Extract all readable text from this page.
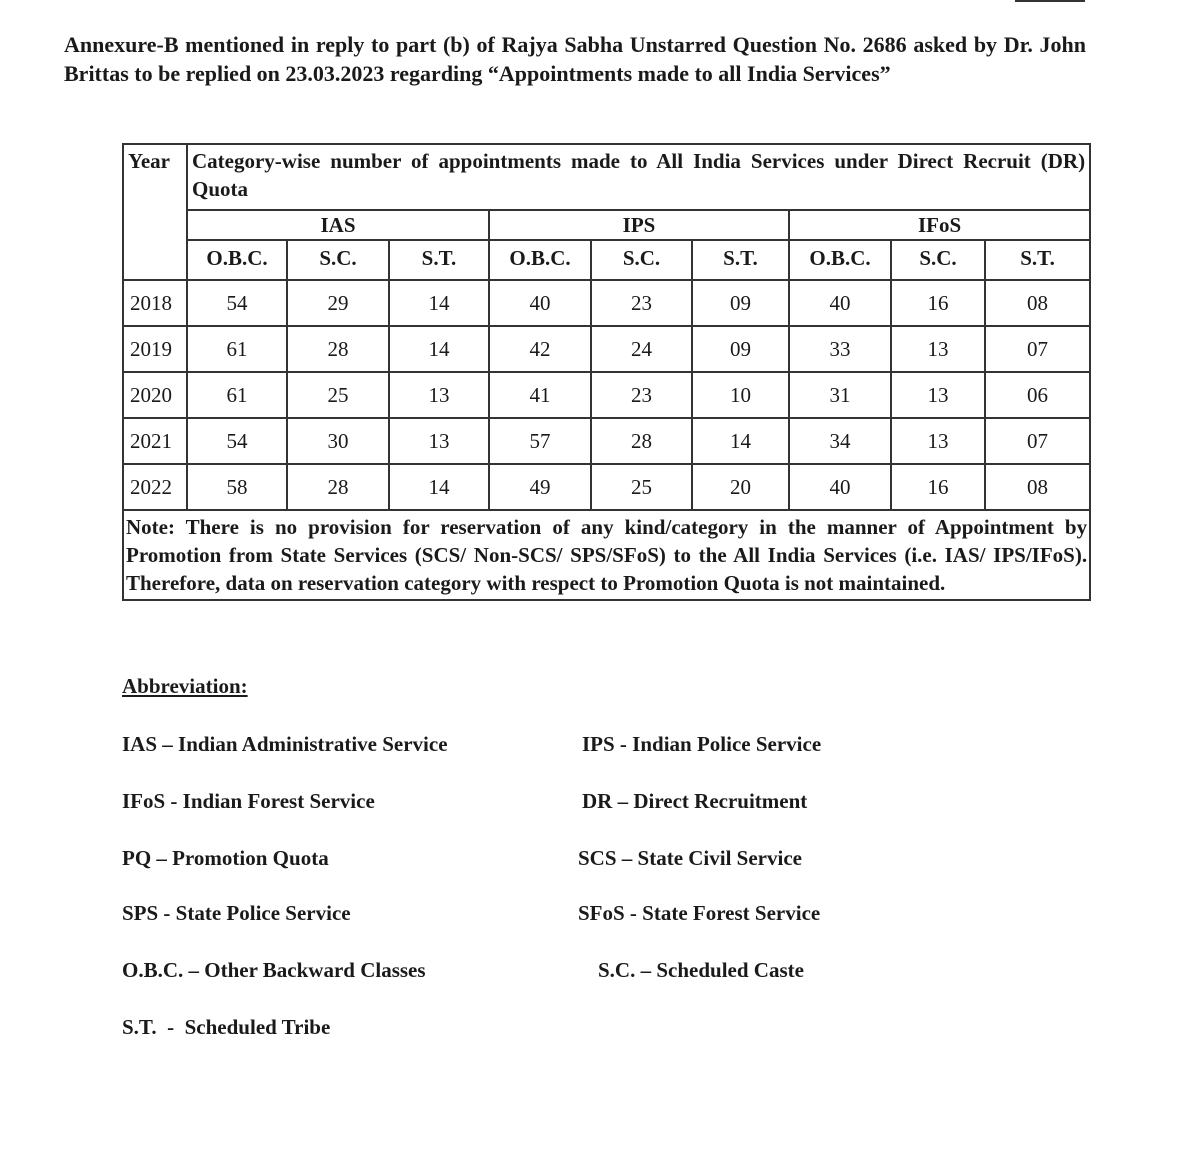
Annexure-B mentioned in reply to part (b) of Rajya Sabha Unstarred Question No. 2686 asked by Dr. John Brittas to be replied on 23.03.2023 regarding “Appointments made to all India Services”
Year	Category-wise number of appointments made to All India Services under Direct Recruit (DR) Quota								
	IAS			IPS			IFoS		
	O.B.C.	S.C.	S.T.	O.B.C.	S.C.	S.T.	O.B.C.	S.C.	S.T.
2018	54	29	14	40	23	09	40	16	08
2019	61	28	14	42	24	09	33	13	07
2020	61	25	13	41	23	10	31	13	06
2021	54	30	13	57	28	14	34	13	07
2022	58	28	14	49	25	20	40	16	08
Note: There is no provision for reservation of any kind/category in the manner of Appointment by Promotion from State Services (SCS/ Non-SCS/ SPS/SFoS) to the All India Services (i.e. IAS/ IPS/IFoS). Therefore, data on reservation category with respect to Promotion Quota is not maintained.									
Abbreviation:
IAS – Indian Administrative Service	IPS - Indian Police Service
IFoS - Indian Forest Service	DR – Direct Recruitment
PQ – Promotion Quota	SCS – State Civil Service
SPS - State Police Service	SFoS - State Forest Service
O.B.C. – Other Backward Classes	S.C. – Scheduled Caste
S.T.  -  Scheduled Tribe
